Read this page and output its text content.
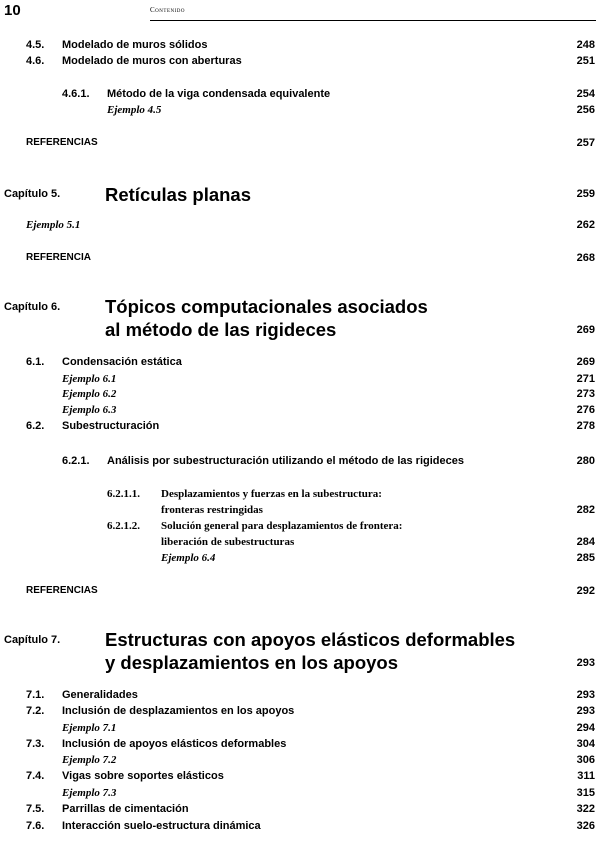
10	Contenido
4.5. Modelado de muros sólidos	248
4.6. Modelado de muros con aberturas	251
4.6.1. Método de la viga condensada equivalente	254
Ejemplo 4.5	256
REFERENCIAS	257
Capítulo 5. Retículas planas	259
Ejemplo 5.1	262
REFERENCIA	268
Capítulo 6. Tópicos computacionales asociados
al método de las rigideces	269
6.1. Condensación estática	269
Ejemplo 6.1	271
Ejemplo 6.2	273
Ejemplo 6.3	276
6.2. Subestructuración	278
6.2.1. Análisis por subestructuración utilizando el método de las rigideces	280
6.2.1.1. Desplazamientos y fuerzas en la subestructura:
fronteras restringidas	282
6.2.1.2. Solución general para desplazamientos de frontera:
liberación de subestructuras	284
Ejemplo 6.4	285
REFERENCIAS	292
Capítulo 7. Estructuras con apoyos elásticos deformables
y desplazamientos en los apoyos	293
7.1. Generalidades	293
7.2. Inclusión de desplazamientos en los apoyos	293
Ejemplo 7.1	294
7.3. Inclusión de apoyos elásticos deformables	304
Ejemplo 7.2	306
7.4. Vigas sobre soportes elásticos	311
Ejemplo 7.3	315
7.5. Parrillas de cimentación	322
7.6. Interacción suelo-estructura dinámica	326
